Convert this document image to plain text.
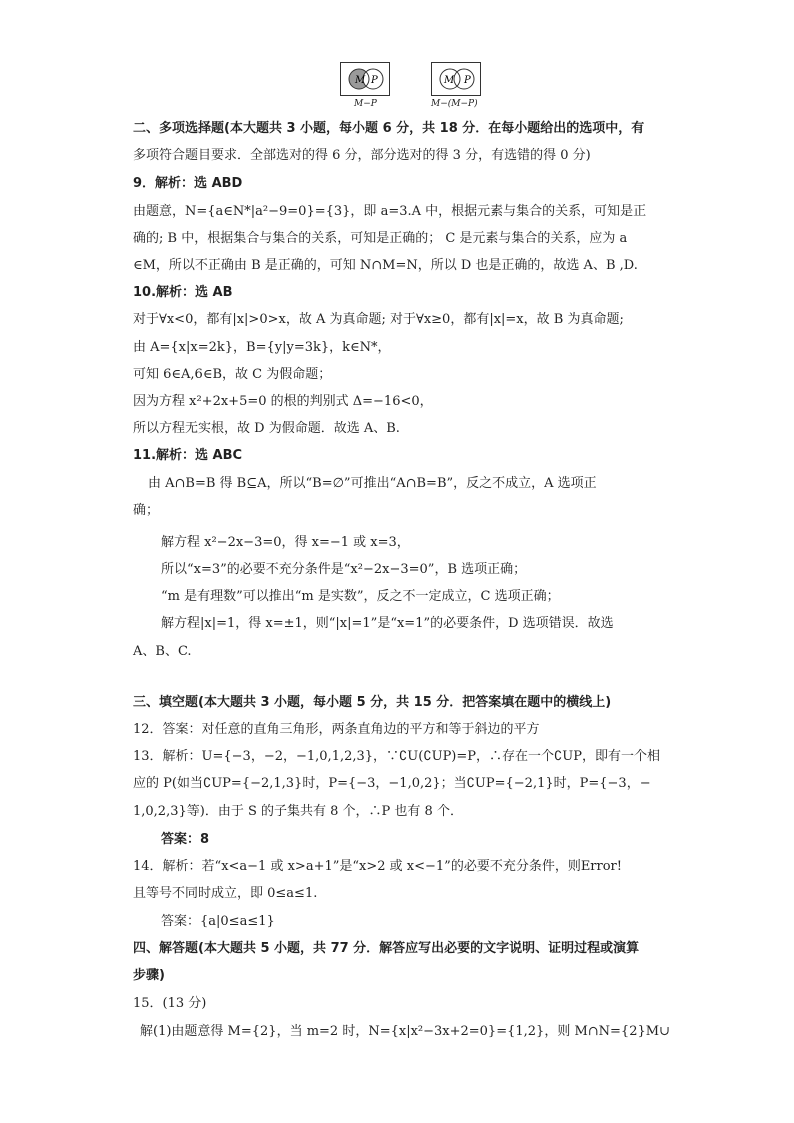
M P
M−P
M P
M−(M−P)
二、多项选择题(本大题共 3 小题，每小题 6 分，共 18 分．在每小题给出的选项中，有
多项符合题目要求．全部选对的得 6 分，部分选对的得 3 分，有选错的得 0 分)
9．解析：选 ABD
由题意，N={a∈N*|a²−9=0}={3}，即 a=3.A 中，根据元素与集合的关系，可知是正
确的; B 中，根据集合与集合的关系，可知是正确的； C 是元素与集合的关系，应为 a
∈M，所以不正确由 B 是正确的，可知 N∩M=N，所以 D 也是正确的，故选 A、B ,D.
10.解析：选 AB
对于∀x<0，都有|x|>0>x，故 A 为真命题; 对于∀x≥0，都有|x|=x，故 B 为真命题;
由 A={x|x=2k}，B={y|y=3k}，k∈N*，
可知 6∈A,6∈B，故 C 为假命题；
因为方程 x²+2x+5=0 的根的判别式 Δ=−16<0，
所以方程无实根，故 D 为假命题．故选 A、B.
11.解析：选 ABC
由 A∩B=B 得 B⊆A，所以“B=∅”可推出“A∩B=B”，反之不成立，A 选项正
确；
解方程 x²−2x−3=0，得 x=−1 或 x=3，
所以“x=3”的必要不充分条件是“x²−2x−3=0”，B 选项正确；
“m 是有理数”可以推出“m 是实数”，反之不一定成立，C 选项正确；
解方程|x|=1，得 x=±1，则“|x|=1”是“x=1”的必要条件，D 选项错误．故选
A、B、C.
三、填空题(本大题共 3 小题，每小题 5 分，共 15 分．把答案填在题中的横线上)
12．答案：对任意的直角三角形，两条直角边的平方和等于斜边的平方
13．解析：U={−3，−2，−1,0,1,2,3}，∵∁U(∁UP)=P，∴存在一个∁UP，即有一个相
应的 P(如当∁UP={−2,1,3}时，P={−3，−1,0,2}；当∁UP={−2,1}时，P={−3，−
1,0,2,3}等)．由于 S 的子集共有 8 个，∴P 也有 8 个．
答案：8
14．解析：若“x<a−1 或 x>a+1”是“x>2 或 x<−1”的必要不充分条件，则Error!
且等号不同时成立，即 0≤a≤1.
答案：{a|0≤a≤1}
四、解答题(本大题共 5 小题，共 77 分．解答应写出必要的文字说明、证明过程或演算
步骤)
15．(13 分)
解(1)由题意得 M={2}，当 m=2 时，N={x|x²−3x+2=0}={1,2}，则 M∩N={2}M∪
